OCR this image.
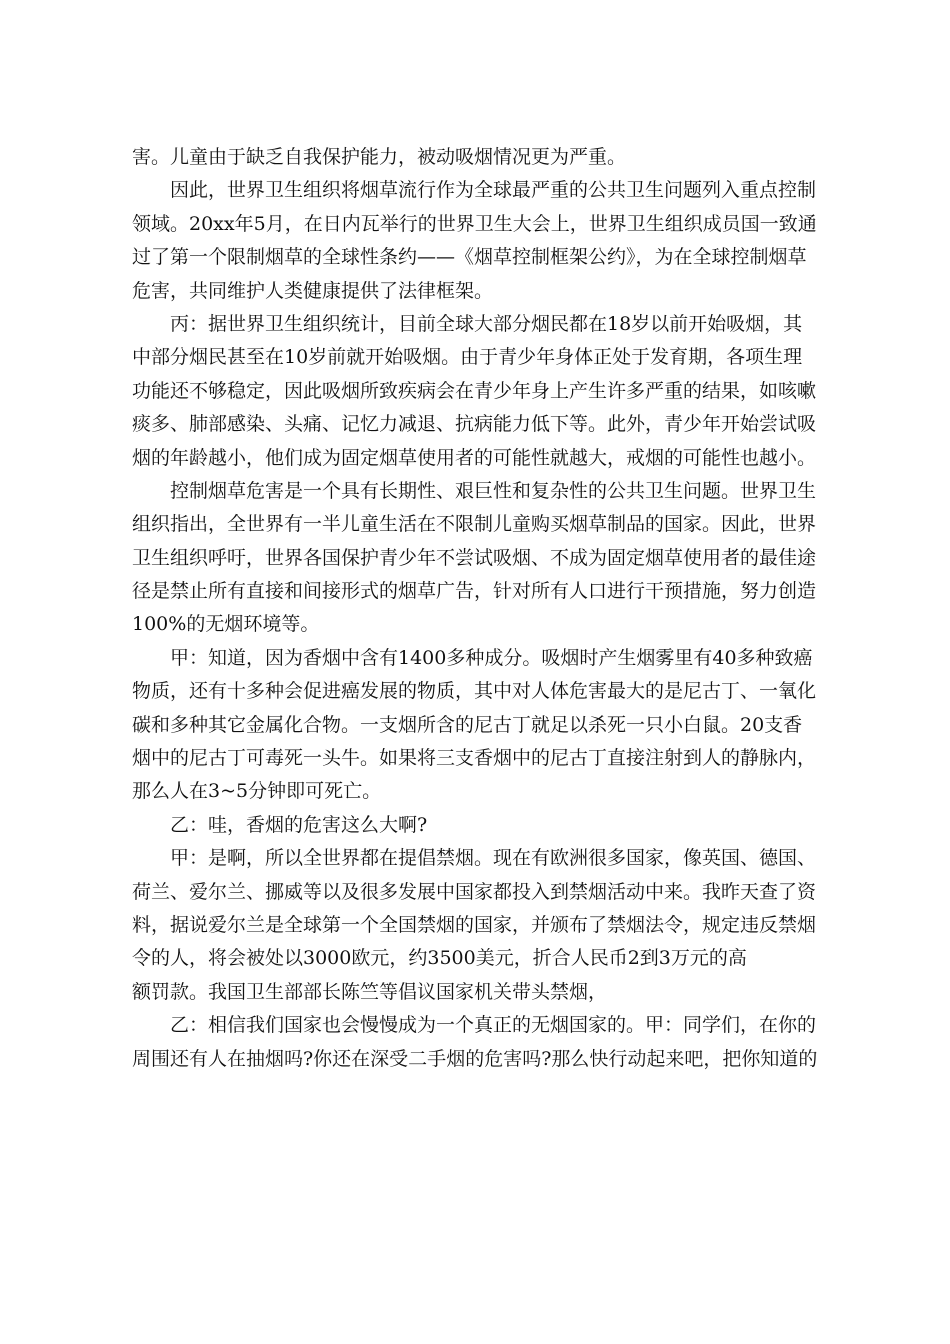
害。儿童由于缺乏自我保护能力，被动吸烟情况更为严重。

因此，世界卫生组织将烟草流行作为全球最严重的公共卫生问题列入重点控制
领域。20xx年5月，在日内瓦举行的世界卫生大会上，世界卫生组织成员国一致通
过了第一个限制烟草的全球性条约——《烟草控制框架公约》，为在全球控制烟草
危害，共同维护人类健康提供了法律框架。

丙：据世界卫生组织统计，目前全球大部分烟民都在18岁以前开始吸烟，其
中部分烟民甚至在10岁前就开始吸烟。由于青少年身体正处于发育期，各项生理
功能还不够稳定，因此吸烟所致疾病会在青少年身上产生许多严重的结果，如咳嗽
痰多、肺部感染、头痛、记忆力减退、抗病能力低下等。此外，青少年开始尝试吸
烟的年龄越小，他们成为固定烟草使用者的可能性就越大，戒烟的可能性也越小。

控制烟草危害是一个具有长期性、艰巨性和复杂性的公共卫生问题。世界卫生
组织指出，全世界有一半儿童生活在不限制儿童购买烟草制品的国家。因此，世界
卫生组织呼吁，世界各国保护青少年不尝试吸烟、不成为固定烟草使用者的最佳途
径是禁止所有直接和间接形式的烟草广告，针对所有人口进行干预措施，努力创造
100%的无烟环境等。

甲：知道，因为香烟中含有1400多种成分。吸烟时产生烟雾里有40多种致癌
物质，还有十多种会促进癌发展的物质，其中对人体危害最大的是尼古丁、一氧化
碳和多种其它金属化合物。一支烟所含的尼古丁就足以杀死一只小白鼠。20支香
烟中的尼古丁可毒死一头牛。如果将三支香烟中的尼古丁直接注射到人的静脉内，
那么人在3~5分钟即可死亡。

乙：哇，香烟的危害这么大啊?

甲：是啊，所以全世界都在提倡禁烟。现在有欧洲很多国家，像英国、德国、
荷兰、爱尔兰、挪威等以及很多发展中国家都投入到禁烟活动中来。我昨天查了资
料，据说爱尔兰是全球第一个全国禁烟的国家，并颁布了禁烟法令，规定违反禁烟
令的人，将会被处以3000欧元，约3500美元，折合人民币2到3万元的高
额罚款。我国卫生部部长陈竺等倡议国家机关带头禁烟，

乙：相信我们国家也会慢慢成为一个真正的无烟国家的。甲：同学们，在你的
周围还有人在抽烟吗?你还在深受二手烟的危害吗?那么快行动起来吧，把你知道的
